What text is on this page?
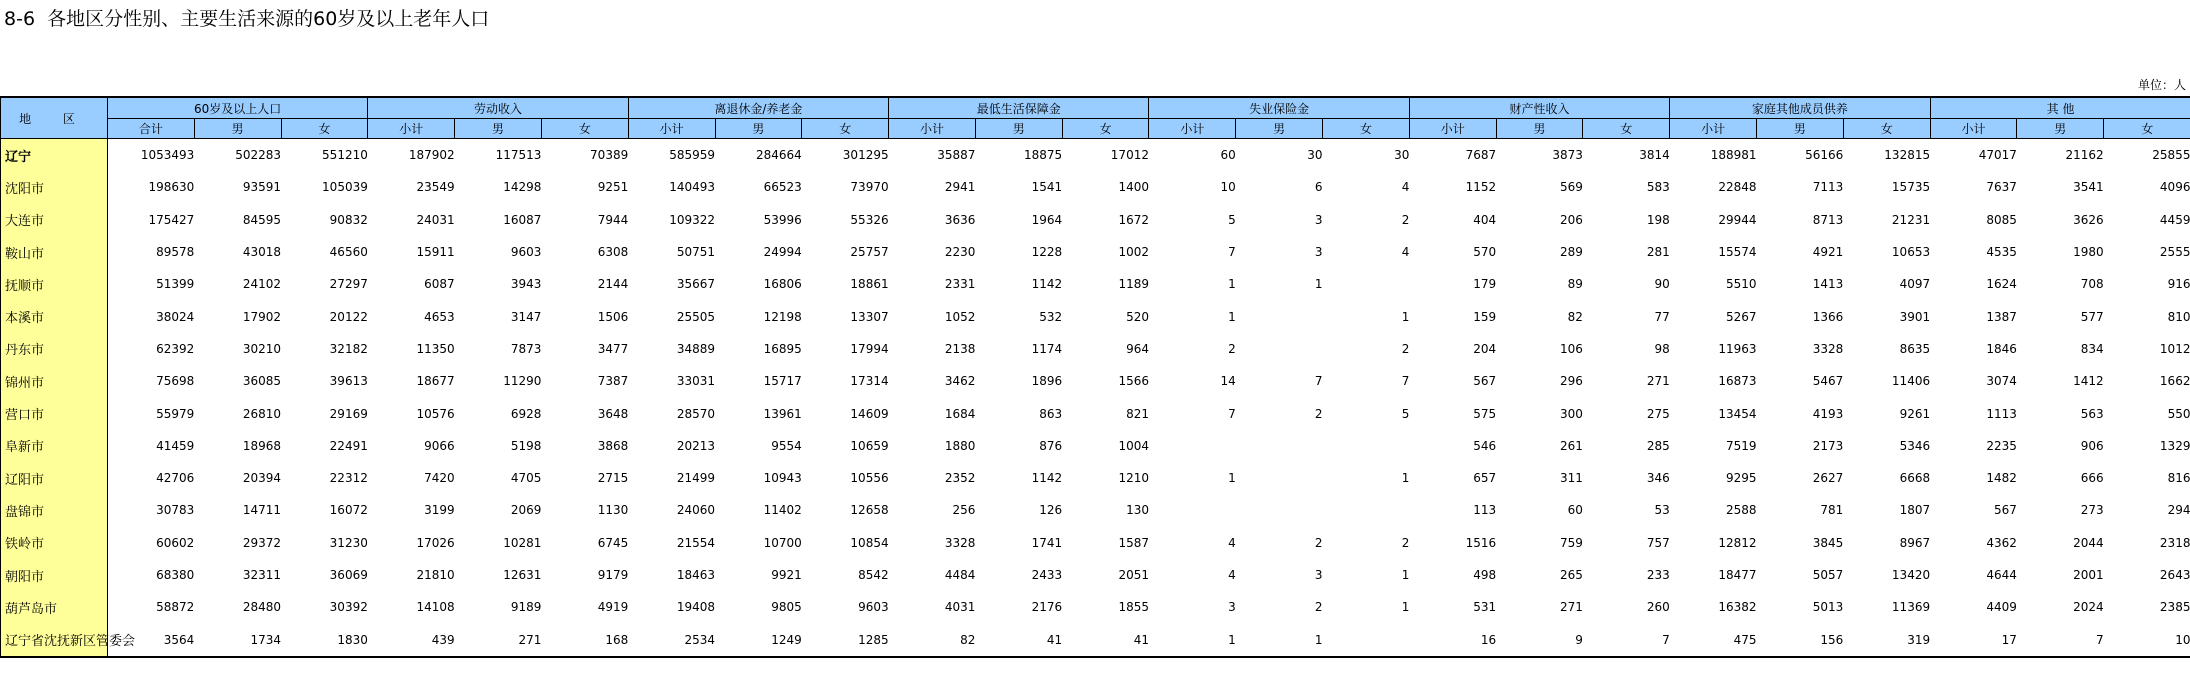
8-6  各地区分性别、主要生活来源的60岁及以上老年人口
单位：人
地 区	60岁及以上人口			劳动收入			离退休金/养老金			最低生活保障金			失业保险金			财产性收入			家庭其他成员供养			其 他		
	合计	男	女	小计	男	女	小计	男	女	小计	男	女	小计	男	女	小计	男	女	小计	男	女	小计	男	女
辽宁	1053493	502283	551210	187902	117513	70389	585959	284664	301295	35887	18875	17012	60	30	30	7687	3873	3814	188981	56166	132815	47017	21162	25855
沈阳市	198630	93591	105039	23549	14298	9251	140493	66523	73970	2941	1541	1400	10	6	4	1152	569	583	22848	7113	15735	7637	3541	4096
大连市	175427	84595	90832	24031	16087	7944	109322	53996	55326	3636	1964	1672	5	3	2	404	206	198	29944	8713	21231	8085	3626	4459
鞍山市	89578	43018	46560	15911	9603	6308	50751	24994	25757	2230	1228	1002	7	3	4	570	289	281	15574	4921	10653	4535	1980	2555
抚顺市	51399	24102	27297	6087	3943	2144	35667	16806	18861	2331	1142	1189	1	1		179	89	90	5510	1413	4097	1624	708	916
本溪市	38024	17902	20122	4653	3147	1506	25505	12198	13307	1052	532	520	1		1	159	82	77	5267	1366	3901	1387	577	810
丹东市	62392	30210	32182	11350	7873	3477	34889	16895	17994	2138	1174	964	2		2	204	106	98	11963	3328	8635	1846	834	1012
锦州市	75698	36085	39613	18677	11290	7387	33031	15717	17314	3462	1896	1566	14	7	7	567	296	271	16873	5467	11406	3074	1412	1662
营口市	55979	26810	29169	10576	6928	3648	28570	13961	14609	1684	863	821	7	2	5	575	300	275	13454	4193	9261	1113	563	550
阜新市	41459	18968	22491	9066	5198	3868	20213	9554	10659	1880	876	1004				546	261	285	7519	2173	5346	2235	906	1329
辽阳市	42706	20394	22312	7420	4705	2715	21499	10943	10556	2352	1142	1210	1		1	657	311	346	9295	2627	6668	1482	666	816
盘锦市	30783	14711	16072	3199	2069	1130	24060	11402	12658	256	126	130				113	60	53	2588	781	1807	567	273	294
铁岭市	60602	29372	31230	17026	10281	6745	21554	10700	10854	3328	1741	1587	4	2	2	1516	759	757	12812	3845	8967	4362	2044	2318
朝阳市	68380	32311	36069	21810	12631	9179	18463	9921	8542	4484	2433	2051	4	3	1	498	265	233	18477	5057	13420	4644	2001	2643
葫芦岛市	58872	28480	30392	14108	9189	4919	19408	9805	9603	4031	2176	1855	3	2	1	531	271	260	16382	5013	11369	4409	2024	2385
辽宁省沈抚新区管委会	3564	1734	1830	439	271	168	2534	1249	1285	82	41	41	1	1		16	9	7	475	156	319	17	7	10
